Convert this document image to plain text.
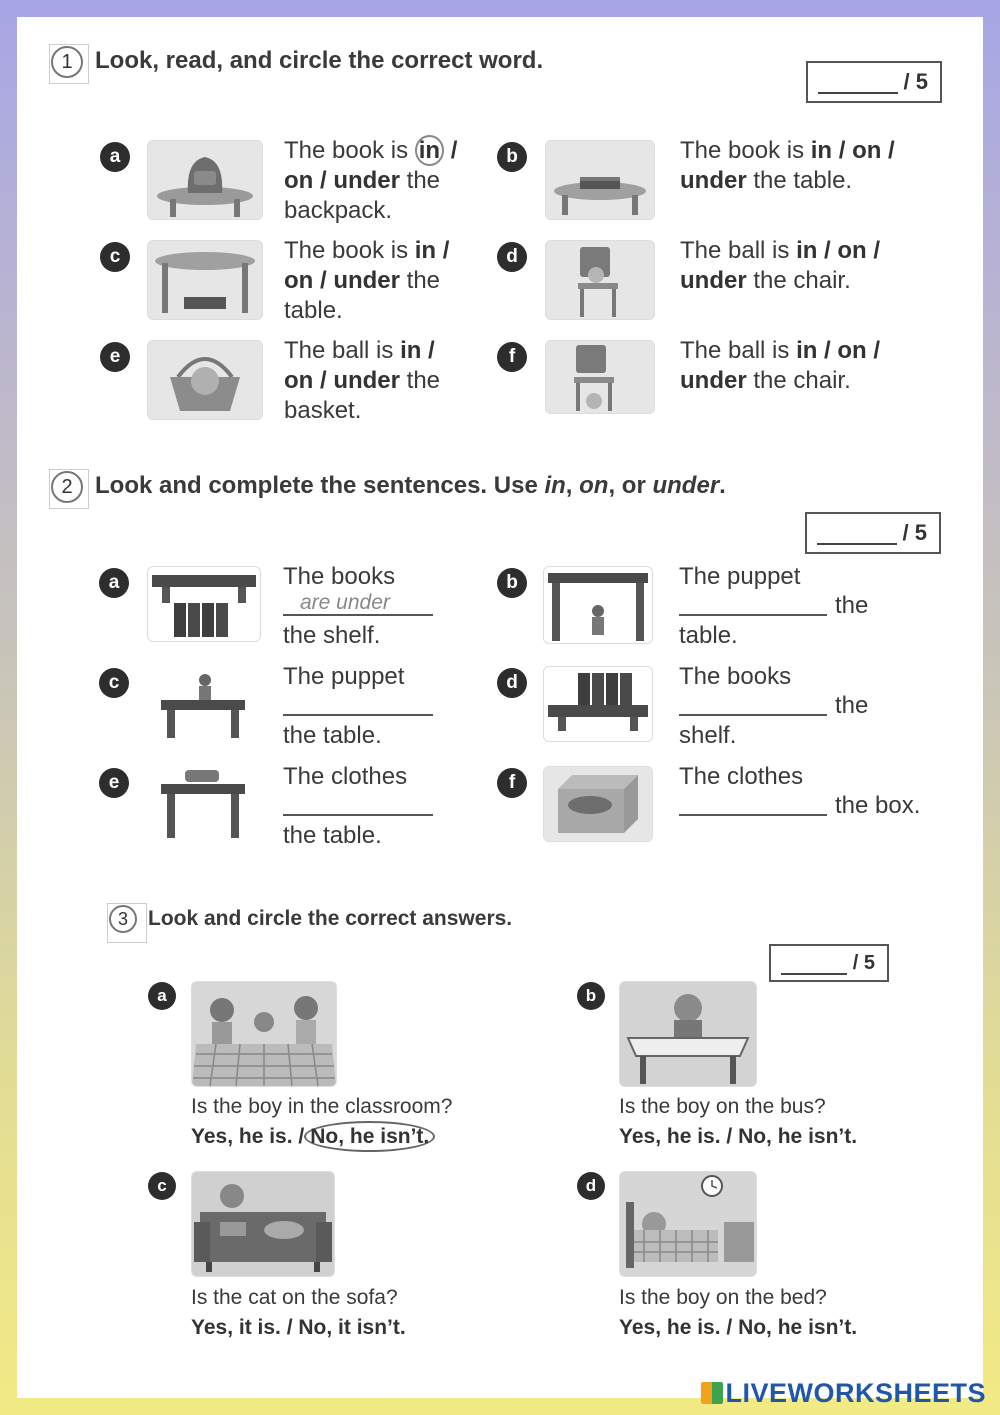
1 Look, read, and circle the correct word.
/ 5
a	The book is in /
on / under the
backpack.
b	The book is in / on /
under the table.
c	The book is in /
on / under the
table.
d	The ball is in / on /
under the chair.
e	The ball is in /
on / under the
basket.
f	The ball is in / on /
under the chair.
2 Look and complete the sentences. Use in, on, or under.
/ 5
a	The books
are under
the shelf.
b	The puppet
the
table.
c	The puppet
the table.
d	The books
the
shelf.
e	The clothes
the table.
f	The clothes
the box.
3 Look and circle the correct answers.
/ 5
a
Is the boy in the classroom?
Yes, he is. / No, he isn’t.
b
Is the boy on the bus?
Yes, he is. / No, he isn’t.
c
Is the cat on the sofa?
Yes, it is. / No, it isn’t.
d
Is the boy on the bed?
Yes, he is. / No, he isn’t.
LIVEWORKSHEETS
